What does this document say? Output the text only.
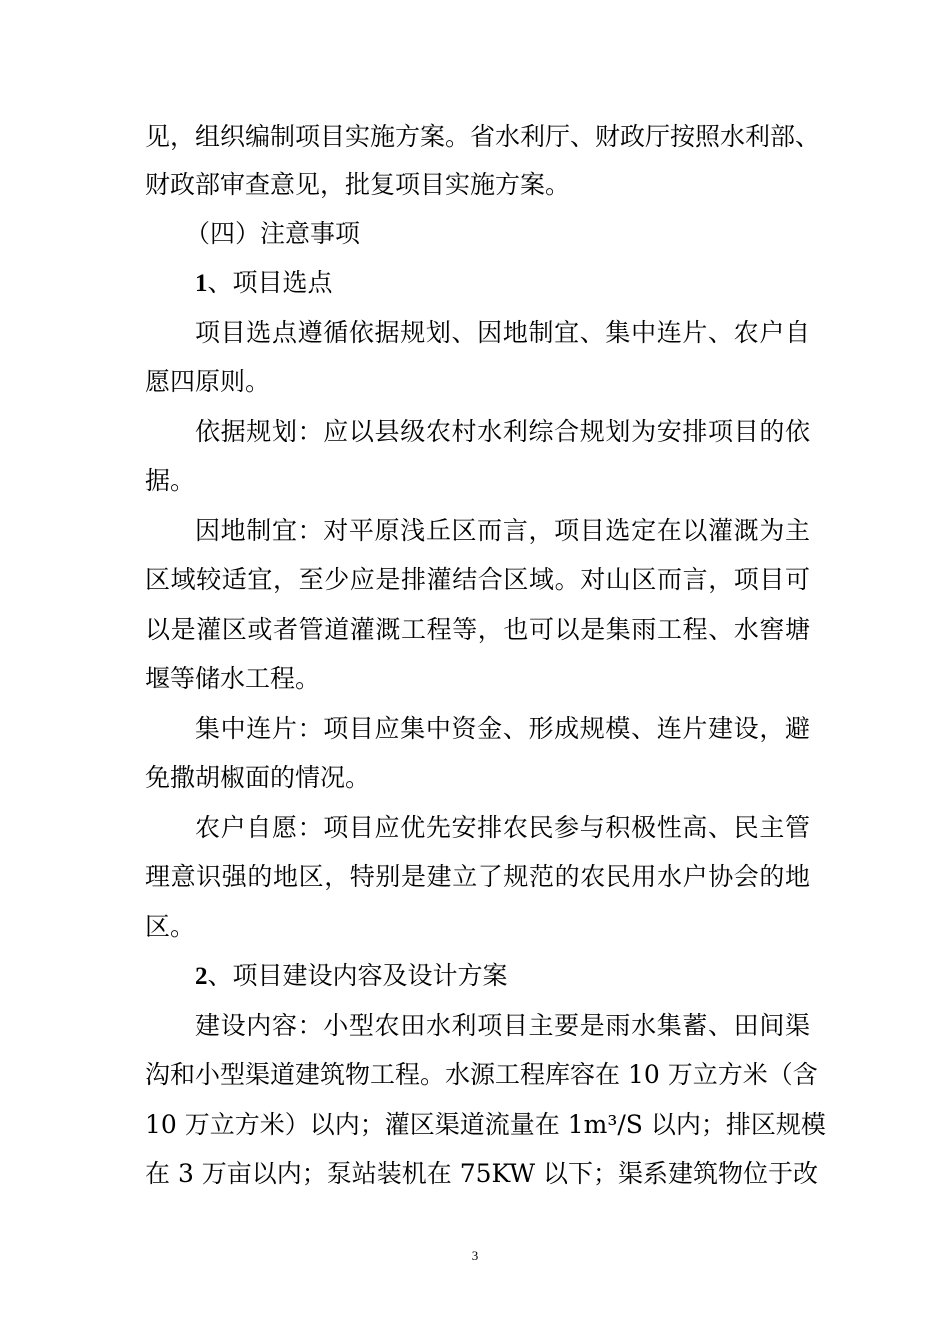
见，组织编制项目实施方案。省水利厅、财政厅按照水利部、
财政部审查意见，批复项目实施方案。
（四）注意事项
1、项目选点
项目选点遵循依据规划、因地制宜、集中连片、农户自
愿四原则。
依据规划：应以县级农村水利综合规划为安排项目的依
据。
因地制宜：对平原浅丘区而言，项目选定在以灌溉为主
区域较适宜，至少应是排灌结合区域。对山区而言，项目可
以是灌区或者管道灌溉工程等，也可以是集雨工程、水窖塘
堰等储水工程。
集中连片：项目应集中资金、形成规模、连片建设，避
免撒胡椒面的情况。
农户自愿：项目应优先安排农民参与积极性高、民主管
理意识强的地区，特别是建立了规范的农民用水户协会的地
区。
2、项目建设内容及设计方案
建设内容：小型农田水利项目主要是雨水集蓄、田间渠
沟和小型渠道建筑物工程。水源工程库容在 10 万立方米（含
10 万立方米）以内；灌区渠道流量在 1m³/S 以内；排区规模
在 3 万亩以内；泵站装机在 75KW 以下；渠系建筑物位于改
3
